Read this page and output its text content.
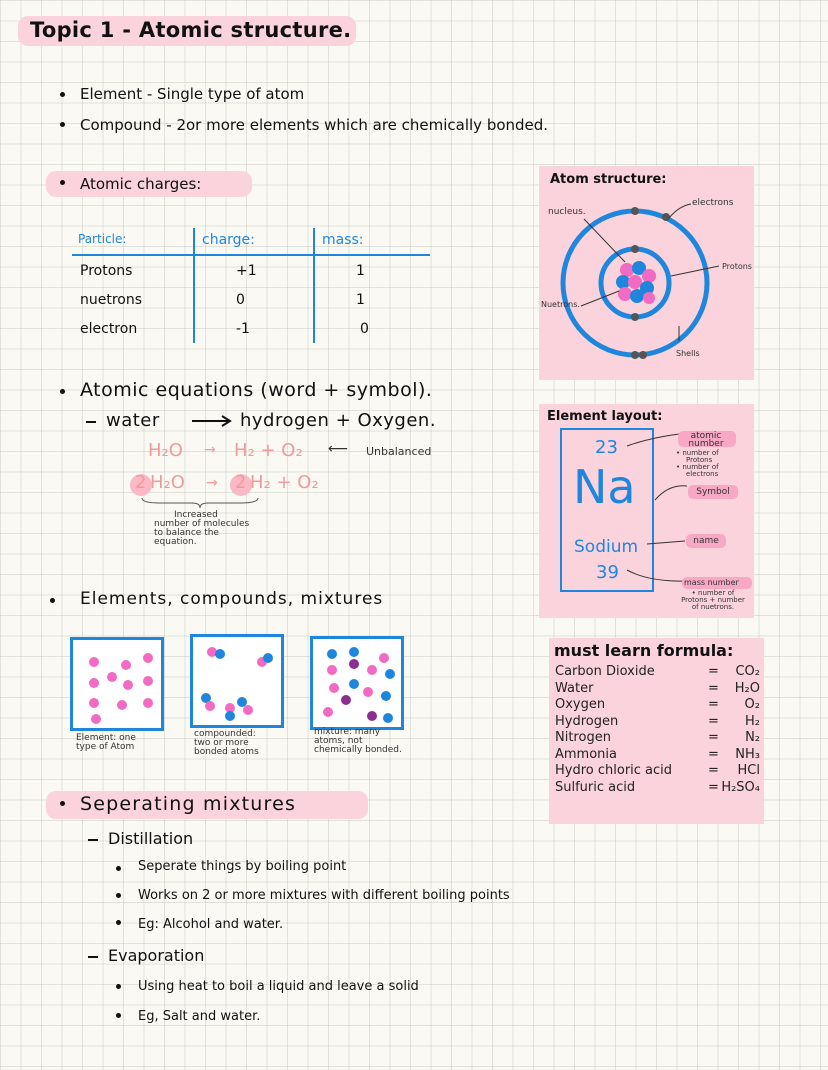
Topic 1 - Atomic structure.
Element - Single type of atom
Compound - 2or more elements which are chemically bonded.
Atomic charges:
Particle:	charge:	mass:
Protons	+1	1
nuetrons	0	1
electron	-1	0
Atom structure:
nucleus.
electrons
Protons
Nuetrons.
Shells
Atomic equations (word + symbol).
water	hydrogen + Oxygen.
H₂O → H₂ + O₂ ⟵ Unbalanced
2 H₂O → 2 H₂ + O₂
Increased
number of molecules
to balance the
equation.
Element layout:
23
Na
Sodium
39
atomic number
• number of
Protons
• number of
electrons
Symbol
name
mass number
• number of
Protons + number
of nuetrons.
Elements, compounds, mixtures
Element: one
type of Atom
compounded:
two or more
bonded atoms
mixture: many
atoms, not
chemically bonded.
must learn formula:
Carbon Dioxide	= CO₂
Water	= H₂O
Oxygen	= O₂
Hydrogen	= H₂
Nitrogen	= N₂
Ammonia	= NH₃
Hydro chloric acid	= HCl
Sulfuric acid	= H₂SO₄
Seperating mixtures
Distillation
Seperate things by boiling point
Works on 2 or more mixtures with different boiling points
Eg: Alcohol and water.
Evaporation
Using heat to boil a liquid and leave a solid
Eg, Salt and water.
